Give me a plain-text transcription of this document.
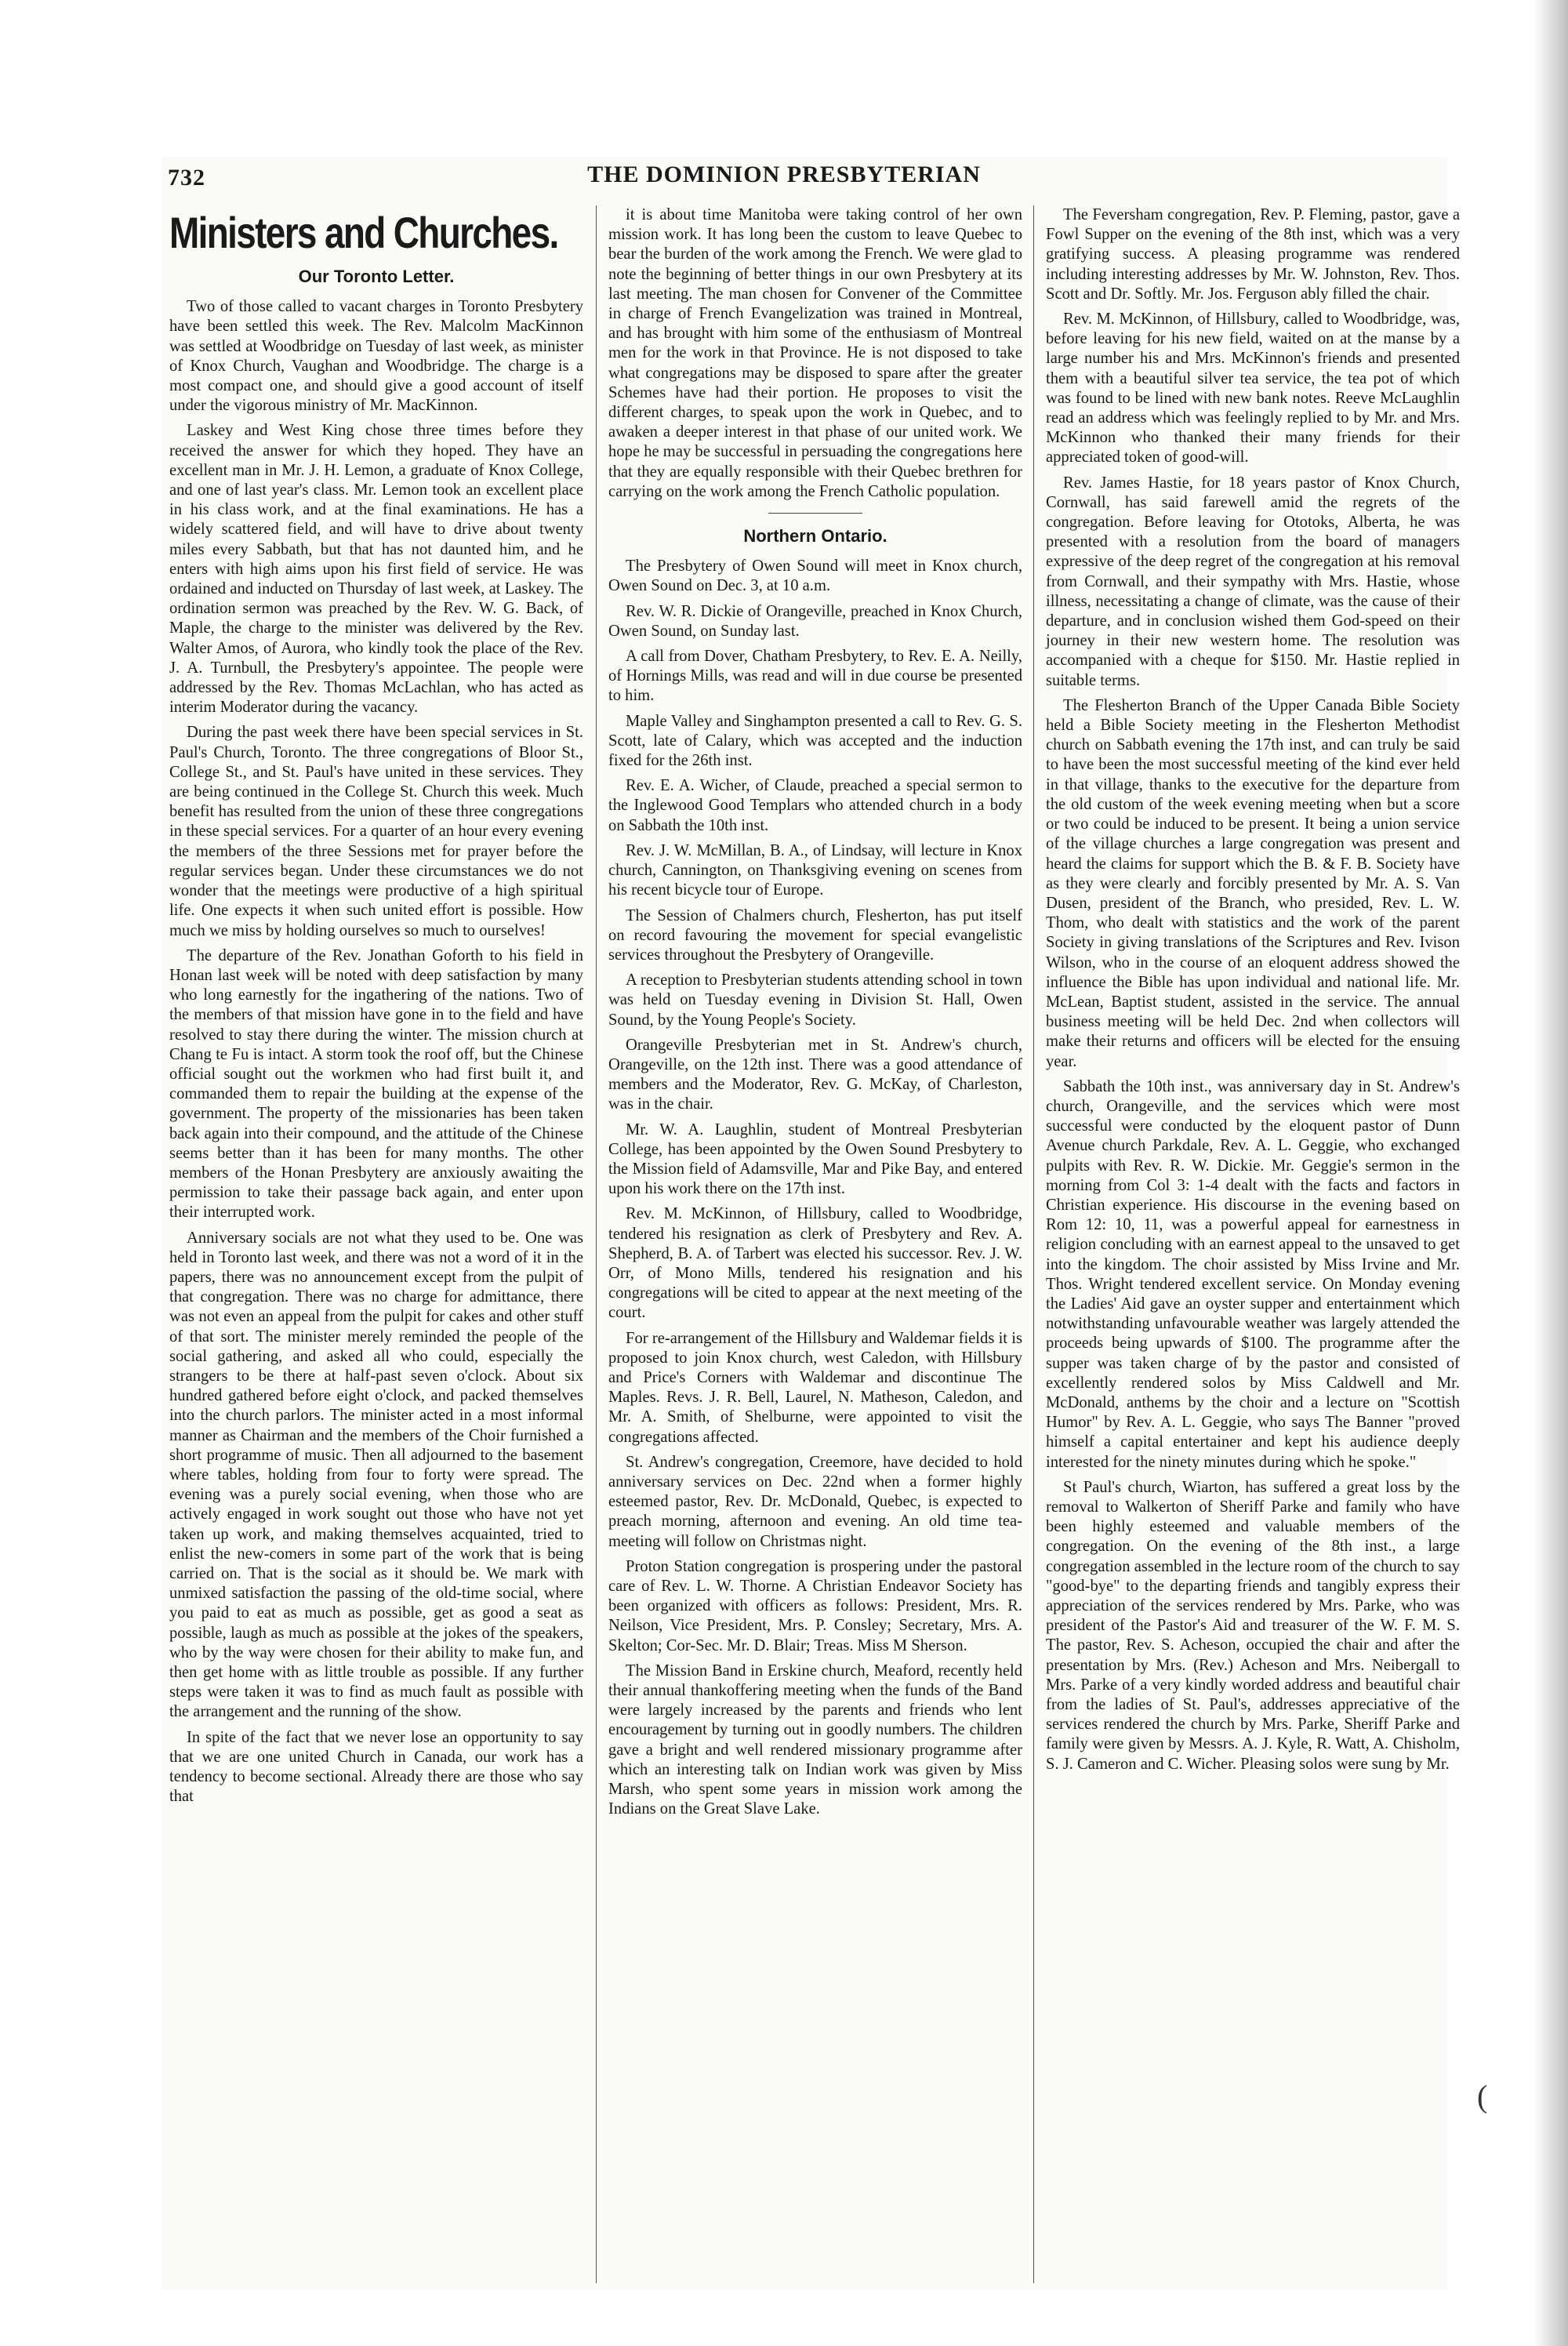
732	THE DOMINION PRESBYTERIAN
Ministers and Churches.
Our Toronto Letter.

Two of those called to vacant charges in Toronto Presbytery have been settled this week. The Rev. Malcolm MacKinnon was settled at Woodbridge on Tuesday of last week, as minister of Knox Church, Vaughan and Woodbridge. The charge is a most compact one, and should give a good account of itself under the vigorous ministry of Mr. MacKinnon.

Laskey and West King chose three times before they received the answer for which they hoped. They have an excellent man in Mr. J. H. Lemon, a graduate of Knox College, and one of last year's class. Mr. Lemon took an excellent place in his class work, and at the final examinations. He has a widely scattered field, and will have to drive about twenty miles every Sabbath, but that has not daunted him, and he enters with high aims upon his first field of service. He was ordained and inducted on Thursday of last week, at Laskey. The ordination sermon was preached by the Rev. W. G. Back, of Maple, the charge to the minister was delivered by the Rev. Walter Amos, of Aurora, who kindly took the place of the Rev. J. A. Turnbull, the Presbytery's appointee. The people were addressed by the Rev. Thomas McLachlan, who has acted as interim Moderator during the vacancy.

During the past week there have been special services in St. Paul's Church, Toronto. The three congregations of Bloor St., College St., and St. Paul's have united in these services. They are being continued in the College St. Church this week. Much benefit has resulted from the union of these three congregations in these special services. For a quarter of an hour every evening the members of the three Sessions met for prayer before the regular services began. Under these circumstances we do not wonder that the meetings were productive of a high spiritual life. One expects it when such united effort is possible. How much we miss by holding ourselves so much to ourselves!

The departure of the Rev. Jonathan Goforth to his field in Honan last week will be noted with deep satisfaction by many who long earnestly for the ingathering of the nations. Two of the members of that mission have gone in to the field and have resolved to stay there during the winter. The mission church at Chang te Fu is intact. A storm took the roof off, but the Chinese official sought out the workmen who had first built it, and commanded them to repair the building at the expense of the government. The property of the missionaries has been taken back again into their compound, and the attitude of the Chinese seems better than it has been for many months. The other members of the Honan Presbytery are anxiously awaiting the permission to take their passage back again, and enter upon their interrupted work.

Anniversary socials are not what they used to be. One was held in Toronto last week, and there was not a word of it in the papers, there was no announcement except from the pulpit of that congregation. There was no charge for admittance, there was not even an appeal from the pulpit for cakes and other stuff of that sort. The minister merely reminded the people of the social gathering, and asked all who could, especially the strangers to be there at half-past seven o'clock. About six hundred gathered before eight o'clock, and packed themselves into the church parlors. The minister acted in a most informal manner as Chairman and the members of the Choir furnished a short programme of music. Then all adjourned to the basement where tables, holding from four to forty were spread. The evening was a purely social evening, when those who are actively engaged in work sought out those who have not yet taken up work, and making themselves acquainted, tried to enlist the new-comers in some part of the work that is being carried on. That is the social as it should be. We mark with unmixed satisfaction the passing of the old-time social, where you paid to eat as much as possible, get as good a seat as possible, laugh as much as possible at the jokes of the speakers, who by the way were chosen for their ability to make fun, and then get home with as little trouble as possible. If any further steps were taken it was to find as much fault as possible with the arrangement and the running of the show.

In spite of the fact that we never lose an opportunity to say that we are one united Church in Canada, our work has a tendency to become sectional. Already there are those who say that

it is about time Manitoba were taking control of her own mission work. It has long been the custom to leave Quebec to bear the burden of the work among the French. We were glad to note the beginning of better things in our own Presbytery at its last meeting. The man chosen for Convener of the Committee in charge of French Evangelization was trained in Montreal, and has brought with him some of the enthusiasm of Montreal men for the work in that Province. He is not disposed to take what congregations may be disposed to spare after the greater Schemes have had their portion. He proposes to visit the different charges, to speak upon the work in Quebec, and to awaken a deeper interest in that phase of our united work. We hope he may be successful in persuading the congregations here that they are equally responsible with their Quebec brethren for carrying on the work among the French Catholic population.

Northern Ontario.

The Presbytery of Owen Sound will meet in Knox church, Owen Sound on Dec. 3, at 10 a.m.

Rev. W. R. Dickie of Orangeville, preached in Knox Church, Owen Sound, on Sunday last.

A call from Dover, Chatham Presbytery, to Rev. E. A. Neilly, of Hornings Mills, was read and will in due course be presented to him.

Maple Valley and Singhampton presented a call to Rev. G. S. Scott, late of Calary, which was accepted and the induction fixed for the 26th inst.

Rev. E. A. Wicher, of Claude, preached a special sermon to the Inglewood Good Templars who attended church in a body on Sabbath the 10th inst.

Rev. J. W. McMillan, B. A., of Lindsay, will lecture in Knox church, Cannington, on Thanksgiving evening on scenes from his recent bicycle tour of Europe.

The Session of Chalmers church, Flesherton, has put itself on record favouring the movement for special evangelistic services throughout the Presbytery of Orangeville.

A reception to Presbyterian students attending school in town was held on Tuesday evening in Division St. Hall, Owen Sound, by the Young People's Society.

Orangeville Presbyterian met in St. Andrew's church, Orangeville, on the 12th inst. There was a good attendance of members and the Moderator, Rev. G. McKay, of Charleston, was in the chair.

Mr. W. A. Laughlin, student of Montreal Presbyterian College, has been appointed by the Owen Sound Presbytery to the Mission field of Adamsville, Mar and Pike Bay, and entered upon his work there on the 17th inst.

Rev. M. McKinnon, of Hillsbury, called to Woodbridge, tendered his resignation as clerk of Presbytery and Rev. A. Shepherd, B. A. of Tarbert was elected his successor. Rev. J. W. Orr, of Mono Mills, tendered his resignation and his congregations will be cited to appear at the next meeting of the court.

For re-arrangement of the Hillsbury and Waldemar fields it is proposed to join Knox church, west Caledon, with Hillsbury and Price's Corners with Waldemar and discontinue The Maples. Revs. J. R. Bell, Laurel, N. Matheson, Caledon, and Mr. A. Smith, of Shelburne, were appointed to visit the congregations affected.

St. Andrew's congregation, Creemore, have decided to hold anniversary services on Dec. 22nd when a former highly esteemed pastor, Rev. Dr. McDonald, Quebec, is expected to preach morning, afternoon and evening. An old time tea-meeting will follow on Christmas night.

Proton Station congregation is prospering under the pastoral care of Rev. L. W. Thorne. A Christian Endeavor Society has been organized with officers as follows: President, Mrs. R. Neilson, Vice President, Mrs. P. Consley; Secretary, Mrs. A. Skelton; Cor-Sec. Mr. D. Blair; Treas. Miss M Sherson.

The Mission Band in Erskine church, Meaford, recently held their annual thankoffering meeting when the funds of the Band were largely increased by the parents and friends who lent encouragement by turning out in goodly numbers. The children gave a bright and well rendered missionary programme after which an interesting talk on Indian work was given by Miss Marsh, who spent some years in mission work among the Indians on the Great Slave Lake.

The Feversham congregation, Rev. P. Fleming, pastor, gave a Fowl Supper on the evening of the 8th inst, which was a very gratifying success. A pleasing programme was rendered including interesting addresses by Mr. W. Johnston, Rev. Thos. Scott and Dr. Softly. Mr. Jos. Ferguson ably filled the chair.

Rev. M. McKinnon, of Hillsbury, called to Woodbridge, was, before leaving for his new field, waited on at the manse by a large number his and Mrs. McKinnon's friends and presented them with a beautiful silver tea service, the tea pot of which was found to be lined with new bank notes. Reeve McLaughlin read an address which was feelingly replied to by Mr. and Mrs. McKinnon who thanked their many friends for their appreciated token of good-will.

Rev. James Hastie, for 18 years pastor of Knox Church, Cornwall, has said farewell amid the regrets of the congregation. Before leaving for Ototoks, Alberta, he was presented with a resolution from the board of managers expressive of the deep regret of the congregation at his removal from Cornwall, and their sympathy with Mrs. Hastie, whose illness, necessitating a change of climate, was the cause of their departure, and in conclusion wished them God-speed on their journey in their new western home. The resolution was accompanied with a cheque for $150. Mr. Hastie replied in suitable terms.

The Flesherton Branch of the Upper Canada Bible Society held a Bible Society meeting in the Flesherton Methodist church on Sabbath evening the 17th inst, and can truly be said to have been the most successful meeting of the kind ever held in that village, thanks to the executive for the departure from the old custom of the week evening meeting when but a score or two could be induced to be present. It being a union service of the village churches a large congregation was present and heard the claims for support which the B. & F. B. Society have as they were clearly and forcibly presented by Mr. A. S. Van Dusen, president of the Branch, who presided, Rev. L. W. Thom, who dealt with statistics and the work of the parent Society in giving translations of the Scriptures and Rev. Ivison Wilson, who in the course of an eloquent address showed the influence the Bible has upon individual and national life. Mr. McLean, Baptist student, assisted in the service. The annual business meeting will be held Dec. 2nd when collectors will make their returns and officers will be elected for the ensuing year.

Sabbath the 10th inst., was anniversary day in St. Andrew's church, Orangeville, and the services which were most successful were conducted by the eloquent pastor of Dunn Avenue church Parkdale, Rev. A. L. Geggie, who exchanged pulpits with Rev. R. W. Dickie. Mr. Geggie's sermon in the morning from Col 3: 1-4 dealt with the facts and factors in Christian experience. His discourse in the evening based on Rom 12: 10, 11, was a powerful appeal for earnestness in religion concluding with an earnest appeal to the unsaved to get into the kingdom. The choir assisted by Miss Irvine and Mr. Thos. Wright tendered excellent service. On Monday evening the Ladies' Aid gave an oyster supper and entertainment which notwithstanding unfavourable weather was largely attended the proceeds being upwards of $100. The programme after the supper was taken charge of by the pastor and consisted of excellently rendered solos by Miss Caldwell and Mr. McDonald, anthems by the choir and a lecture on "Scottish Humor" by Rev. A. L. Geggie, who says The Banner "proved himself a capital entertainer and kept his audience deeply interested for the ninety minutes during which he spoke."

St Paul's church, Wiarton, has suffered a great loss by the removal to Walkerton of Sheriff Parke and family who have been highly esteemed and valuable members of the congregation. On the evening of the 8th inst., a large congregation assembled in the lecture room of the church to say "good-bye" to the departing friends and tangibly express their appreciation of the services rendered by Mrs. Parke, who was president of the Pastor's Aid and treasurer of the W. F. M. S. The pastor, Rev. S. Acheson, occupied the chair and after the presentation by Mrs. (Rev.) Acheson and Mrs. Neibergall to Mrs. Parke of a very kindly worded address and beautiful chair from the ladies of St. Paul's, addresses appreciative of the services rendered the church by Mrs. Parke, Sheriff Parke and family were given by Messrs. A. J. Kyle, R. Watt, A. Chisholm, S. J. Cameron and C. Wicher. Pleasing solos were sung by Mr.

(
